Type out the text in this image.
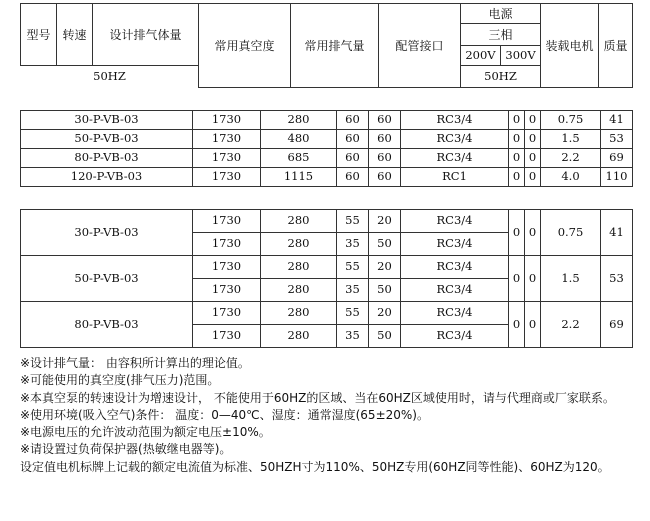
型号	转速	设计排气体量	常用真空度	常用排气量	配管接口	电源		装载电机	质量
						三相			
						200V	300V		
50HZ						50HZ			
30-P-VB-03	1730	280	60	60	RC3/4	0	0	0.75	41
50-P-VB-03	1730	480	60	60	RC3/4	0	0	1.5	53
80-P-VB-03	1730	685	60	60	RC3/4	0	0	2.2	69
120-P-VB-03	1730	1115	60	60	RC1	0	0	4.0	110
30-P-VB-03	1730	280	55	20	RC3/4	0	0	0.75	41
	1730	280	35	50	RC3/4				
50-P-VB-03	1730	280	55	20	RC3/4	0	0	1.5	53
	1730	280	35	50	RC3/4				
80-P-VB-03	1730	280	55	20	RC3/4	0	0	2.2	69
	1730	280	35	50	RC3/4				
※设计排气量： 由容积所计算出的理论值。
※可能使用的真空度(排气压力)范围。
※本真空泵的转速设计为增速设计， 不能使用于60HZ的区域、当在60HZ区域使用时，请与代理商或厂家联系。
※使用环境(吸入空气)条件： 温度：0—40℃、湿度：通常湿度(65±20%)。
※电源电压的允许波动范围为额定电压±10%。
※请设置过负荷保护器(热敏继电器等)。
设定值电机标牌上记载的额定电流值为标准、50HZH寸为110%、50HZ专用(60HZ同等性能)、60HZ为120。
